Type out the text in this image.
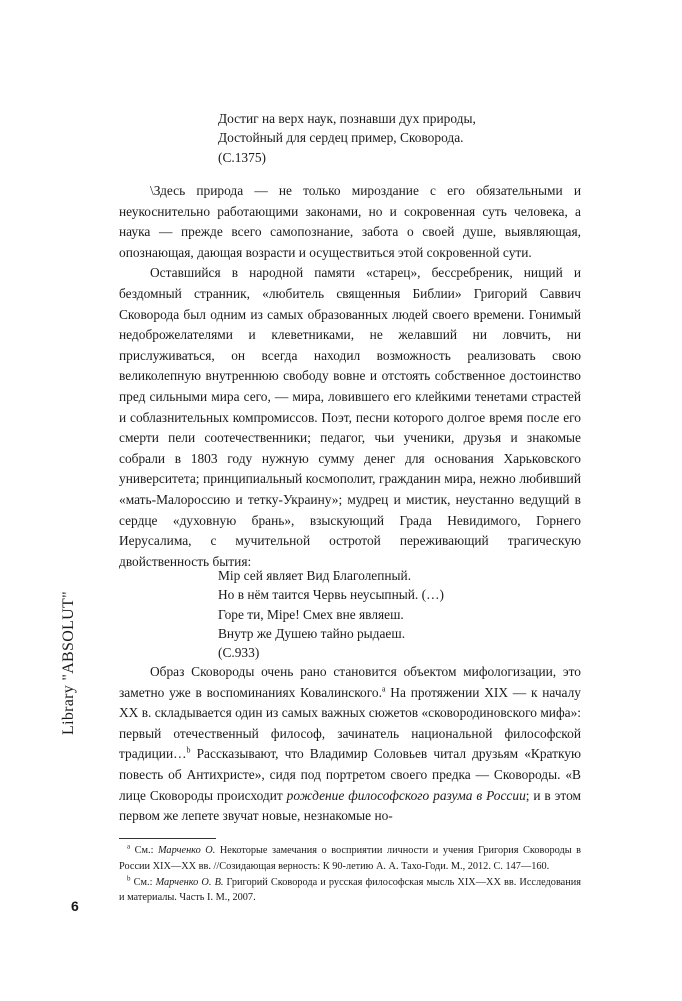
Достиг на верх наук, познавши дух природы,
Достойный для сердец пример, Сковорода.
(С.1375)

\Здесь природа — не только мироздание с его обязательными и неукоснительно работающими законами, но и сокровенная суть человека, а наука — прежде всего самопознание, забота о своей душе, выявляющая, опознающая, дающая возрасти и осуществиться этой сокровенной сути.

Оставшийся в народной памяти «старец», бессребреник, нищий и бездомный странник, «любитель священныя Библии» Григорий Саввич Сковорода был одним из самых образованных людей своего времени. Гонимый недоброжелателями и клеветниками, не желавший ни ловчить, ни прислуживаться, он всегда находил возможность реализовать свою великолепную внутреннюю свободу вовне и отстоять собственное достоинство пред сильными мира сего, — мира, ловившего его клейкими тенетами страстей и соблазнительных компромиссов. Поэт, песни которого долгое время после его смерти пели соотечественники; педагог, чьи ученики, друзья и знакомые собрали в 1803 году нужную сумму денег для основания Харьковского университета; принципиальный космополит, гражданин мира, нежно любивший «мать-Малороссию и тетку-Украину»; мудрец и мистик, неустанно ведущий в сердце «духовную брань», взыскующий Града Невидимого, Горнего Иерусалима, с мучительной остротой переживающий трагическую двойственность бытия:

Міp сей являет Вид Благолепный.
Но в нём таится Червь неусыпный. (…)
Горе ти, Міpе! Смех вне являеш.
Внутр же Душею тайно рыдаеш.
(С.933)

Образ Сковороды очень рано становится объектом мифологизации, это заметно уже в воспоминаниях Ковалинского.$^a$ На протяжении XIX — к началу XX в. складывается один из самых важных сюжетов «сковородиновского мифа»: первый отечественный философ, зачинатель национальной философской традиции…$^b$ Рассказывают, что Владимир Соловьев читал друзьям «Краткую повесть об Антихристе», сидя под портретом своего предка — Сковороды. «В лице Сковороды происходит рождение философского разума в России; и в этом первом же лепете звучат новые, незнакомые но-

$^a$ См.: Марченко О. Некоторые замечания о восприятии личности и учения Григория Сковороды в России XIX—XX вв. //Созидающая верность: К 90-летию А. А. Тахо-Годи. М., 2012. С. 147—160.

$^b$ См.: Марченко О. В. Григорий Сковорода и русская философская мысль XIX—XX вв. Исследования и материалы. Часть I. М., 2007.

6
Library "ABSOLUT"
